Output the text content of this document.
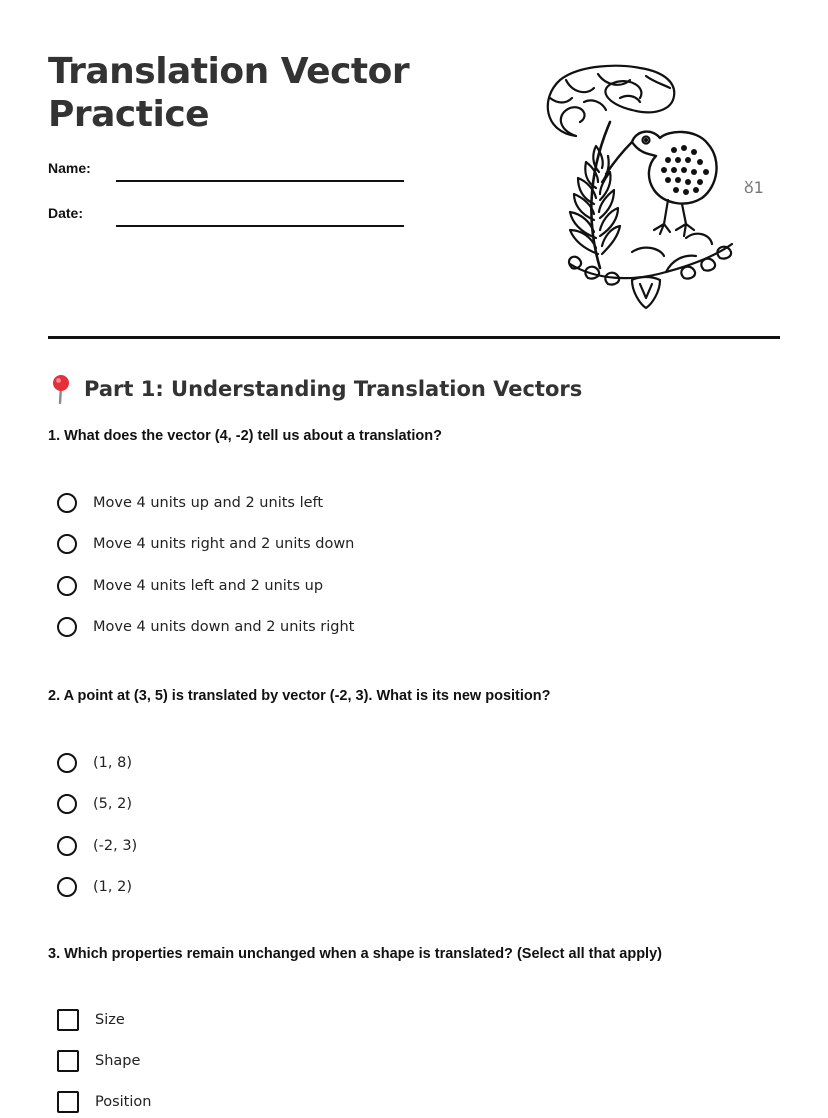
Translation Vector Practice
Name:
Date:
ᲈ1
Part 1: Understanding Translation Vectors
1. What does the vector (4, -2) tell us about a translation?
Move 4 units up and 2 units left
Move 4 units right and 2 units down
Move 4 units left and 2 units up
Move 4 units down and 2 units right
2. A point at (3, 5) is translated by vector (-2, 3). What is its new position?
(1, 8)
(5, 2)
(-2, 3)
(1, 2)
3. Which properties remain unchanged when a shape is translated? (Select all that apply)
Size
Shape
Position
